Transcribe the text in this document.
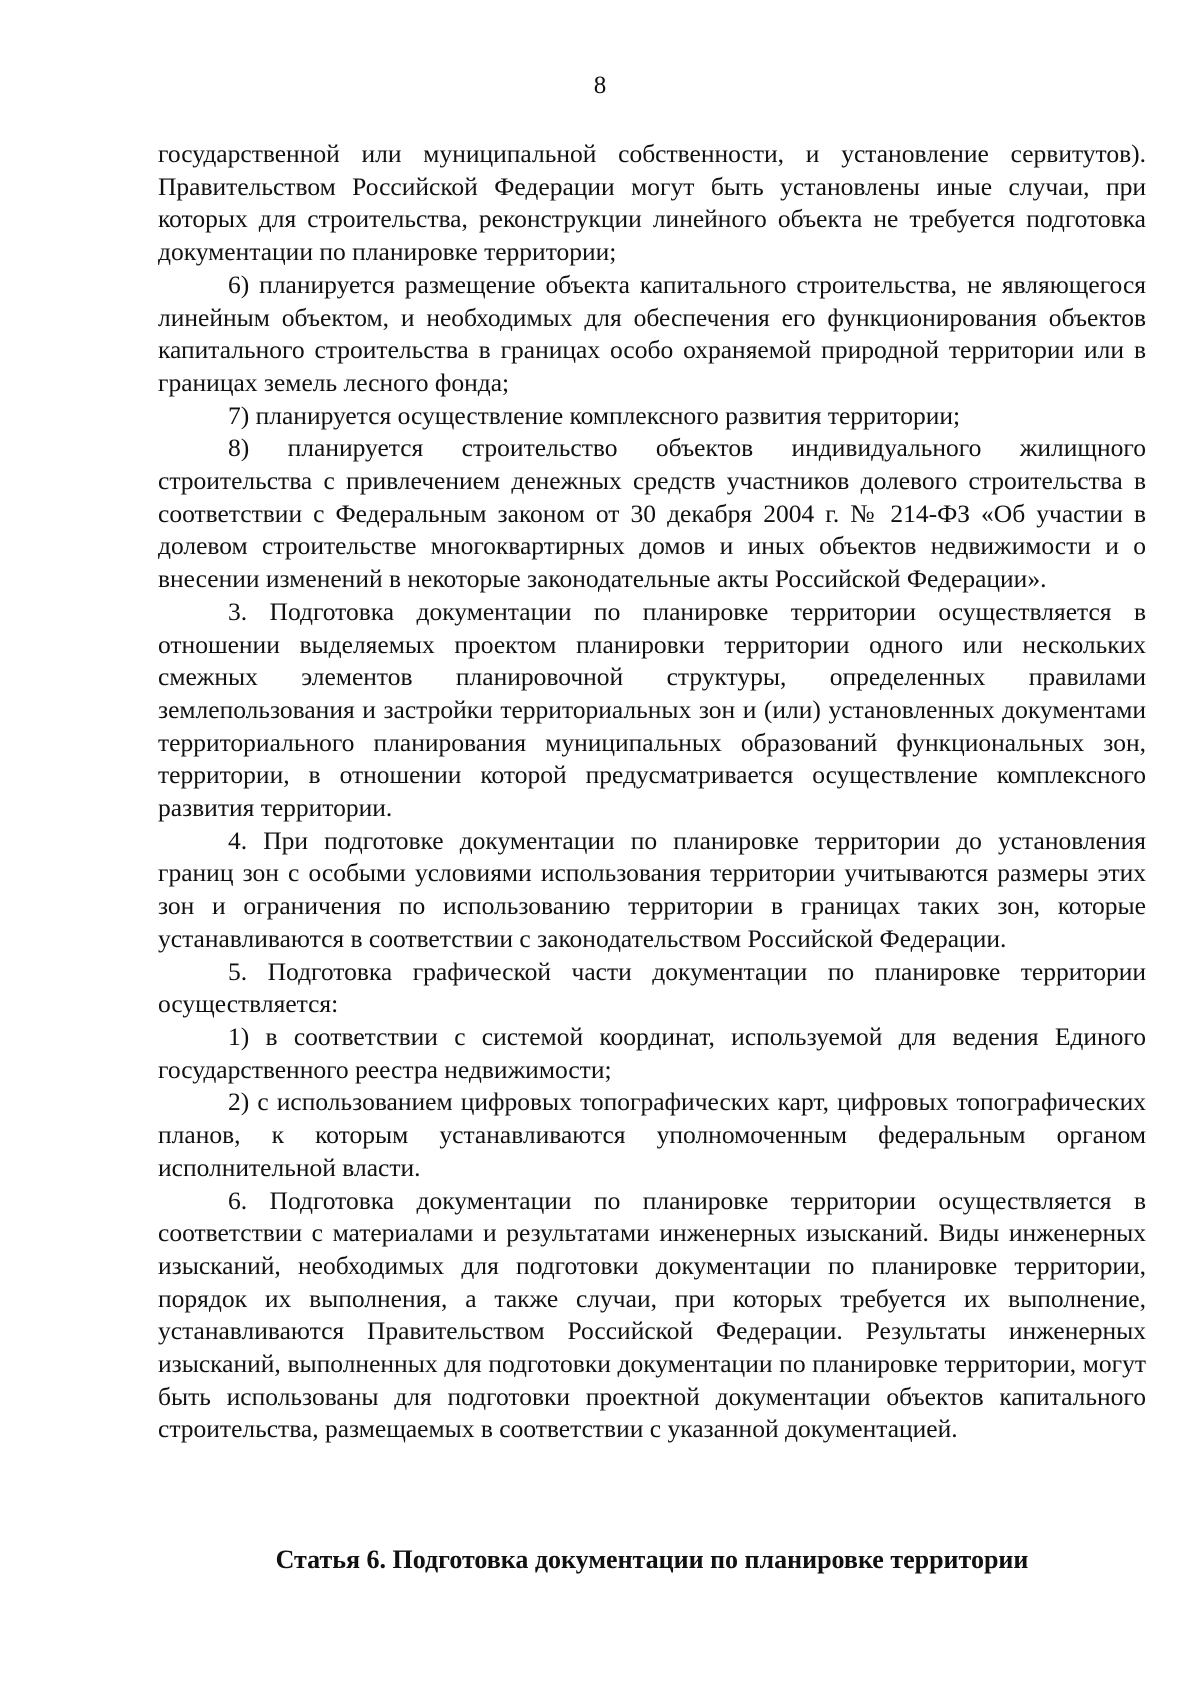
8

государственной или муниципальной собственности, и установление сервитутов). Правительством Российской Федерации могут быть установлены иные случаи, при которых для строительства, реконструкции линейного объекта не требуется подготовка документации по планировке территории;

6) планируется размещение объекта капитального строительства, не являющегося линейным объектом, и необходимых для обеспечения его функционирования объектов капитального строительства в границах особо охраняемой природной территории или в границах земель лесного фонда;

7) планируется осуществление комплексного развития территории;

8) планируется строительство объектов индивидуального жилищного строительства с привлечением денежных средств участников долевого строительства в соответствии с Федеральным законом от 30 декабря 2004 г. № 214-ФЗ «Об участии в долевом строительстве многоквартирных домов и иных объектов недвижимости и о внесении изменений в некоторые законодательные акты Российской Федерации».

3. Подготовка документации по планировке территории осуществляется в отношении выделяемых проектом планировки территории одного или нескольких смежных элементов планировочной структуры, определенных правилами землепользования и застройки территориальных зон и (или) установленных документами территориального планирования муниципальных образований функциональных зон, территории, в отношении которой предусматривается осуществление комплексного развития территории.

4. При подготовке документации по планировке территории до установления границ зон с особыми условиями использования территории учитываются размеры этих зон и ограничения по использованию территории в границах таких зон, которые устанавливаются в соответствии с законодательством Российской Федерации.

5. Подготовка графической части документации по планировке территории осуществляется:

1) в соответствии с системой координат, используемой для ведения Единого государственного реестра недвижимости;

2) с использованием цифровых топографических карт, цифровых топографических планов, к которым устанавливаются уполномоченным федеральным органом исполнительной власти.

6. Подготовка документации по планировке территории осуществляется в соответствии с материалами и результатами инженерных изысканий. Виды инженерных изысканий, необходимых для подготовки документации по планировке территории, порядок их выполнения, а также случаи, при которых требуется их выполнение, устанавливаются Правительством Российской Федерации. Результаты инженерных изысканий, выполненных для подготовки документации по планировке территории, могут быть использованы для подготовки проектной документации объектов капитального строительства, размещаемых в соответствии с указанной документацией.

Статья 6. Подготовка документации по планировке территории
